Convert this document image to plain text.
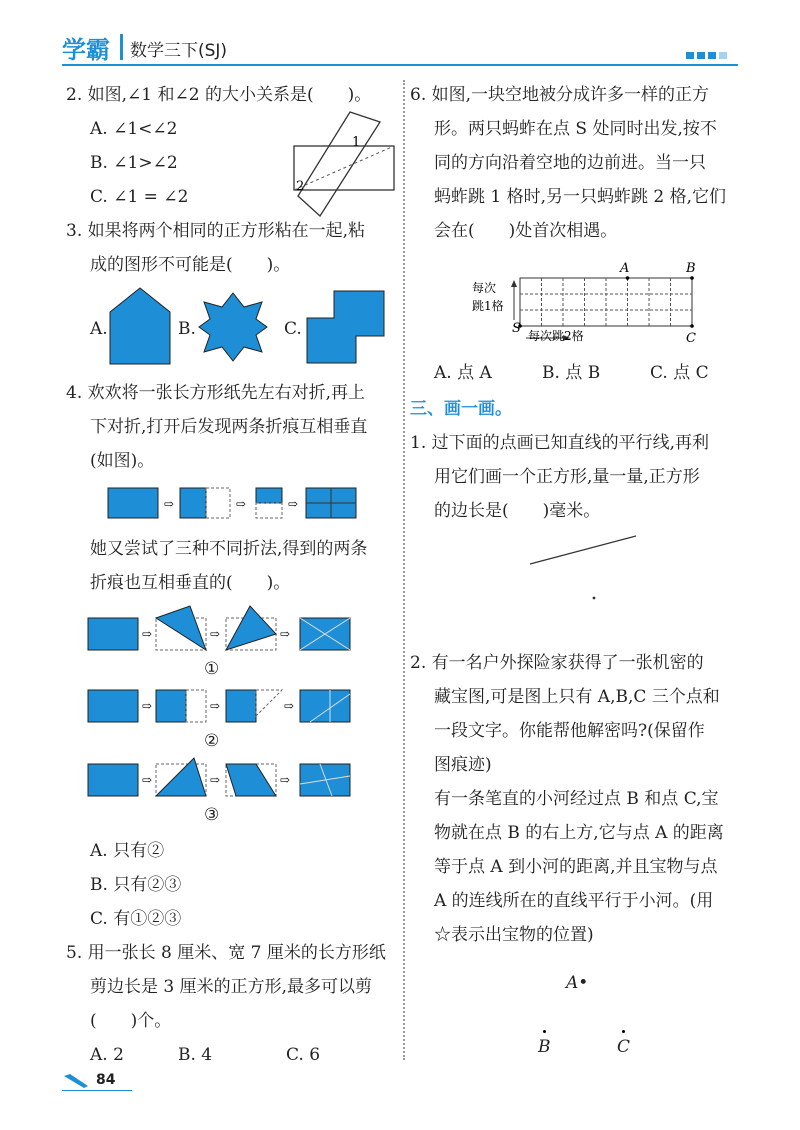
学霸 数学三下(SJ)
2. 如图,∠1 和∠2 的大小关系是(　　)。
A. ∠1<∠2
B. ∠1>∠2
C. ∠1 = ∠2
1
2
3. 如果将两个相同的正方形粘在一起,粘
成的图形不可能是(　　)。
A.	B.	C.
4. 欢欢将一张长方形纸先左右对折,再上
下对折,打开后发现两条折痕互相垂直
(如图)。
⇨	⇨	⇨
她又尝试了三种不同折法,得到的两条
折痕也互相垂直的(　　)。
⇨	⇨	⇨
①
⇨	⇨	⇨
②
⇨	⇨	⇨
③
A. 只有②
B. 只有②③
C. 有①②③
5. 用一张长 8 厘米、宽 7 厘米的长方形纸
剪边长是 3 厘米的正方形,最多可以剪
(　　)个。
A. 2	B. 4	C. 6
6. 如图,一块空地被分成许多一样的正方
形。两只蚂蚱在点 S 处同时出发,按不
同的方向沿着空地的边前进。当一只
蚂蚱跳 1 格时,另一只蚂蚱跳 2 格,它们
会在(　　)处首次相遇。
每次
跳1格
每次跳2格
A	B
C
S
A. 点 A	B. 点 B	C. 点 C
三、画一画。
1. 过下面的点画已知直线的平行线,再利
用它们画一个正方形,量一量,正方形
的边长是(　　)毫米。
2. 有一名户外探险家获得了一张机密的
藏宝图,可是图上只有 A,B,C 三个点和
一段文字。你能帮他解密吗?(保留作
图痕迹)
有一条笔直的小河经过点 B 和点 C,宝
物就在点 B 的右上方,它与点 A 的距离
等于点 A 到小河的距离,并且宝物与点
A 的连线所在的直线平行于小河。(用
☆表示出宝物的位置)
A•
B	C
84
